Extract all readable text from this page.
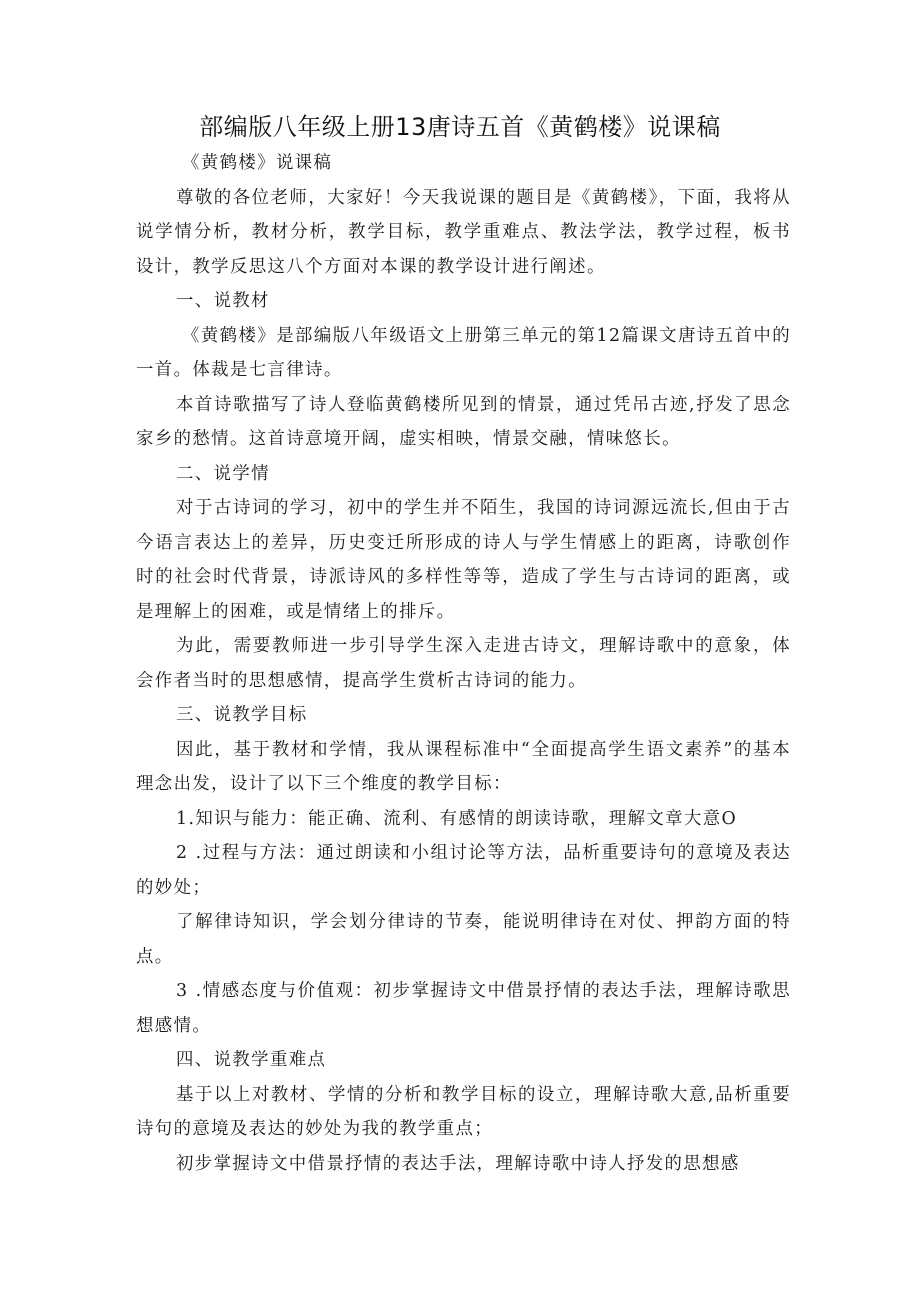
部编版八年级上册13唐诗五首《黄鹤楼》说课稿

《黄鹤楼》说课稿

尊敬的各位老师，大家好！今天我说课的题目是《黄鹤楼》，下面，我将从说学情分析，教材分析，教学目标，教学重难点、教法学法，教学过程，板书设计，教学反思这八个方面对本课的教学设计进行阐述。

一、说教材

《黄鹤楼》是部编版八年级语文上册第三单元的第12篇课文唐诗五首中的一首。体裁是七言律诗。

本首诗歌描写了诗人登临黄鹤楼所见到的情景，通过凭吊古迹,抒发了思念家乡的愁情。这首诗意境开阔，虚实相映，情景交融，情味悠长。

二、说学情

对于古诗词的学习，初中的学生并不陌生，我国的诗词源远流长,但由于古今语言表达上的差异，历史变迁所形成的诗人与学生情感上的距离，诗歌创作时的社会时代背景，诗派诗风的多样性等等，造成了学生与古诗词的距离，或是理解上的困难，或是情绪上的排斥。

为此，需要教师进一步引导学生深入走进古诗文，理解诗歌中的意象，体会作者当时的思想感情，提高学生赏析古诗词的能力。

三、说教学目标

因此，基于教材和学情，我从课程标准中“全面提高学生语文素养”的基本理念出发，设计了以下三个维度的教学目标：

1.知识与能力：能正确、流利、有感情的朗读诗歌，理解文章大意O

2 .过程与方法：通过朗读和小组讨论等方法，品析重要诗句的意境及表达的妙处；

了解律诗知识，学会划分律诗的节奏，能说明律诗在对仗、押韵方面的特点。

3 .情感态度与价值观：初步掌握诗文中借景抒情的表达手法，理解诗歌思想感情。

四、说教学重难点

基于以上对教材、学情的分析和教学目标的设立，理解诗歌大意,品析重要诗句的意境及表达的妙处为我的教学重点；

初步掌握诗文中借景抒情的表达手法，理解诗歌中诗人抒发的思想感
